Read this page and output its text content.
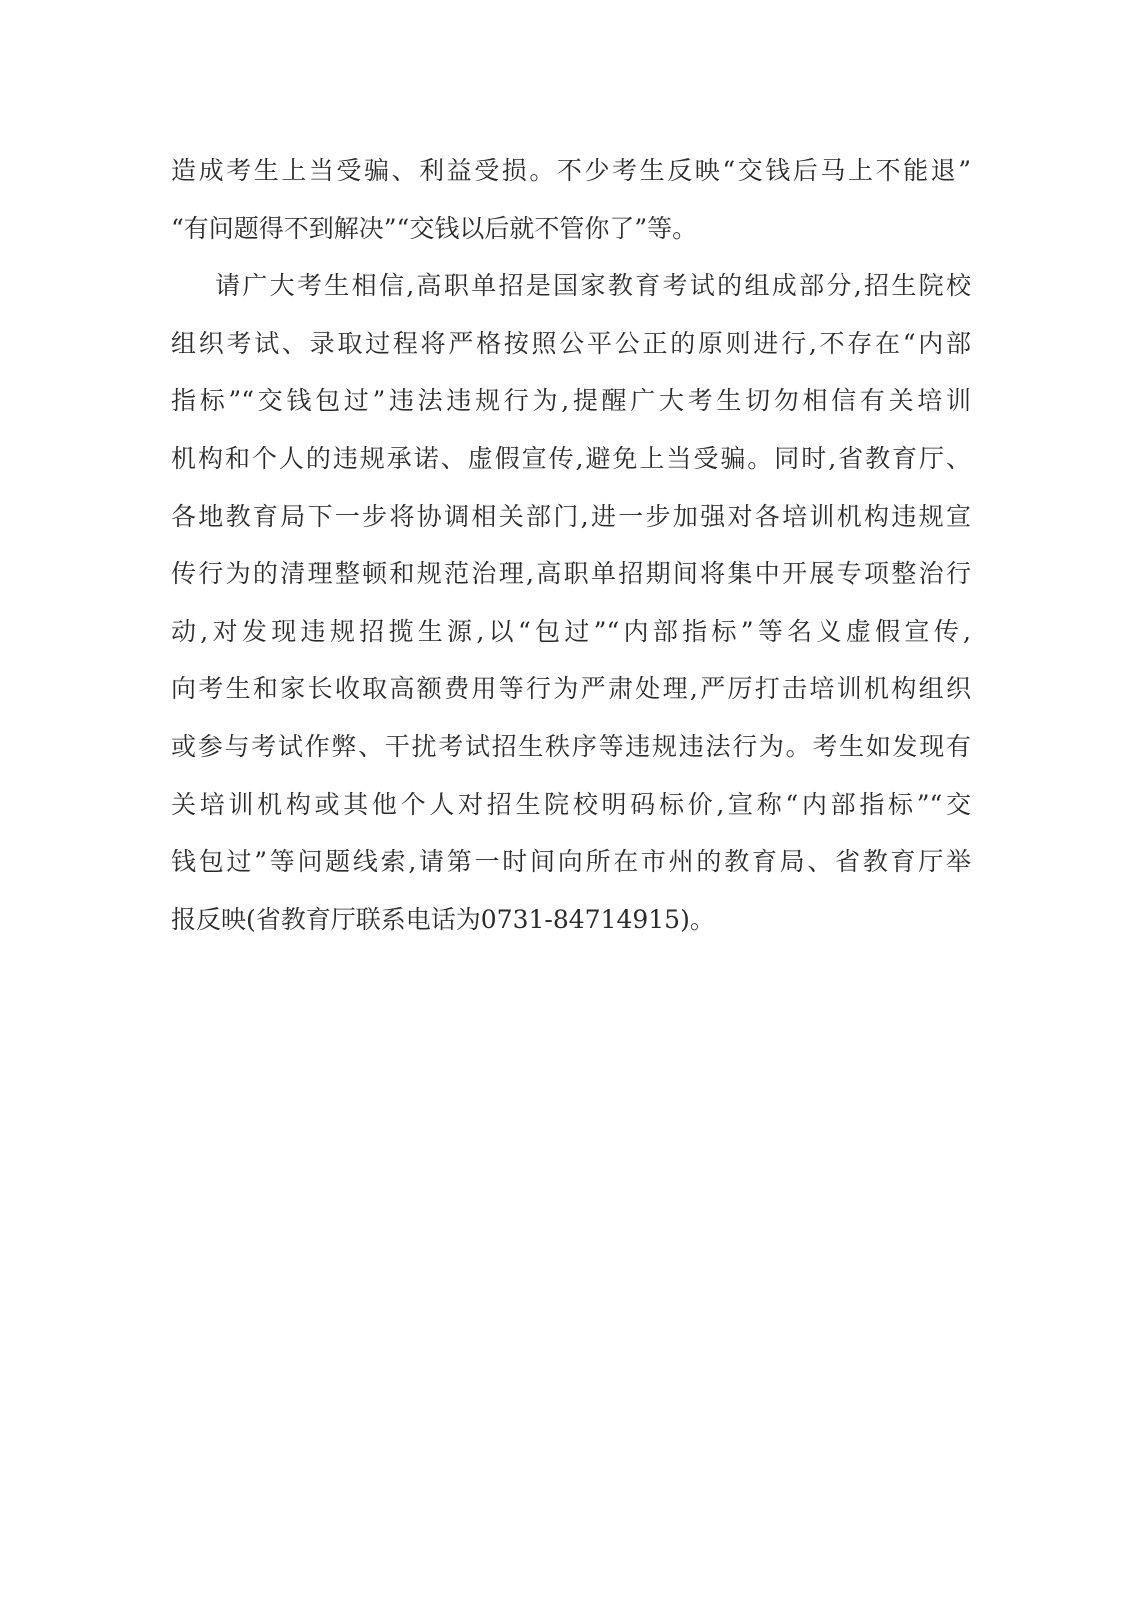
造成考生上当受骗、利益受损。不少考生反映“交钱后马上不能退”
“有问题得不到解决”“交钱以后就不管你了”等。
请广大考生相信,高职单招是国家教育考试的组成部分,招生院校
组织考试、录取过程将严格按照公平公正的原则进行,不存在“内部
指标”“交钱包过”违法违规行为,提醒广大考生切勿相信有关培训
机构和个人的违规承诺、虚假宣传,避免上当受骗。同时,省教育厅、
各地教育局下一步将协调相关部门,进一步加强对各培训机构违规宣
传行为的清理整顿和规范治理,高职单招期间将集中开展专项整治行
动,对发现违规招揽生源,以“包过”“内部指标”等名义虚假宣传,
向考生和家长收取高额费用等行为严肃处理,严厉打击培训机构组织
或参与考试作弊、干扰考试招生秩序等违规违法行为。考生如发现有
关培训机构或其他个人对招生院校明码标价,宣称“内部指标”“交
钱包过”等问题线索,请第一时间向所在市州的教育局、省教育厅举
报反映(省教育厅联系电话为0731-84714915)。
